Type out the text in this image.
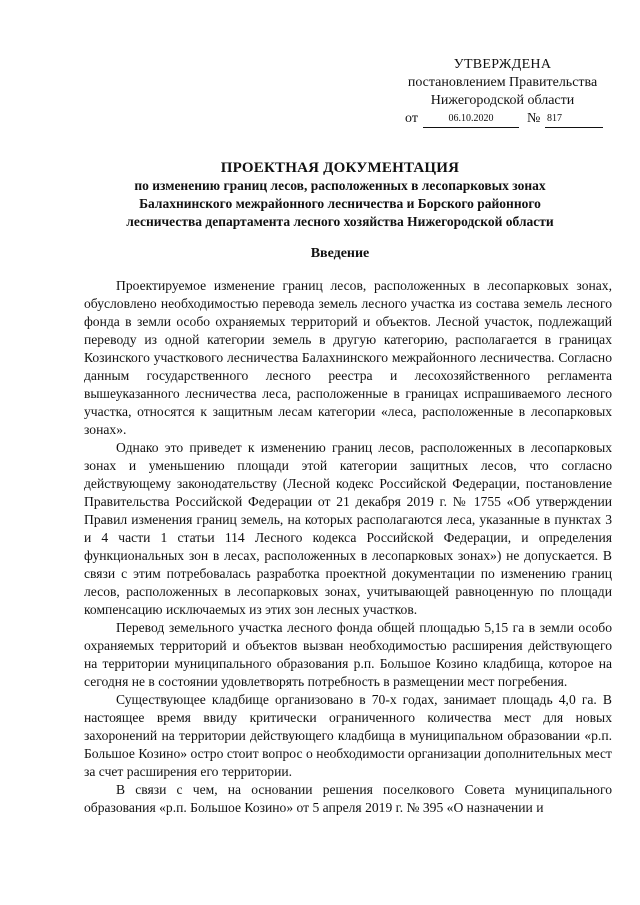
УТВЕРЖДЕНА
постановлением Правительства
Нижегородской области
от	06.10.2020	№ 817
ПРОЕКТНАЯ ДОКУМЕНТАЦИЯ
по изменению границ лесов, расположенных в лесопарковых зонах
Балахнинского межрайонного лесничества и Борского районного
лесничества департамента лесного хозяйства Нижегородской области
Введение

Проектируемое изменение границ лесов, расположенных в лесопарковых зонах, обусловлено необходимостью перевода земель лесного участка из состава земель лесного фонда в земли особо охраняемых территорий и объектов. Лесной участок, подлежащий переводу из одной категории земель в другую категорию, располагается в границах Козинского участкового лесничества Балахнинского межрайонного лесничества. Согласно данным государственного лесного реестра и лесохозяйственного регламента вышеуказанного лесничества леса, расположенные в границах испрашиваемого лесного участка, относятся к защитным лесам категории «леса, расположенные в лесопарковых зонах».

Однако это приведет к изменению границ лесов, расположенных в лесопарковых зонах и уменьшению площади этой категории защитных лесов, что согласно действующему законодательству (Лесной кодекс Российской Федерации, постановление Правительства Российской Федерации от 21 декабря 2019 г. № 1755 «Об утверждении Правил изменения границ земель, на которых располагаются леса, указанные в пунктах 3 и 4 части 1 статьи 114 Лесного кодекса Российской Федерации, и определения функциональных зон в лесах, расположенных в лесопарковых зонах») не допускается. В связи с этим потребовалась разработка проектной документации по изменению границ лесов, расположенных в лесопарковых зонах, учитывающей равноценную по площади компенсацию исключаемых из этих зон лесных участков.

Перевод земельного участка лесного фонда общей площадью 5,15 га в земли особо охраняемых территорий и объектов вызван необходимостью расширения действующего на территории муниципального образования р.п. Большое Козино кладбища, которое на сегодня не в состоянии удовлетворять потребность в размещении мест погребения.

Существующее кладбище организовано в 70-х годах, занимает площадь 4,0 га. В настоящее время ввиду критически ограниченного количества мест для новых захоронений на территории действующего кладбища в муниципальном образовании «р.п. Большое Козино» остро стоит вопрос о необходимости организации дополнительных мест за счет расширения его территории.

В связи с чем, на основании решения поселкового Совета муниципального образования «р.п. Большое Козино» от 5 апреля 2019 г. № 395 «О назначении и
